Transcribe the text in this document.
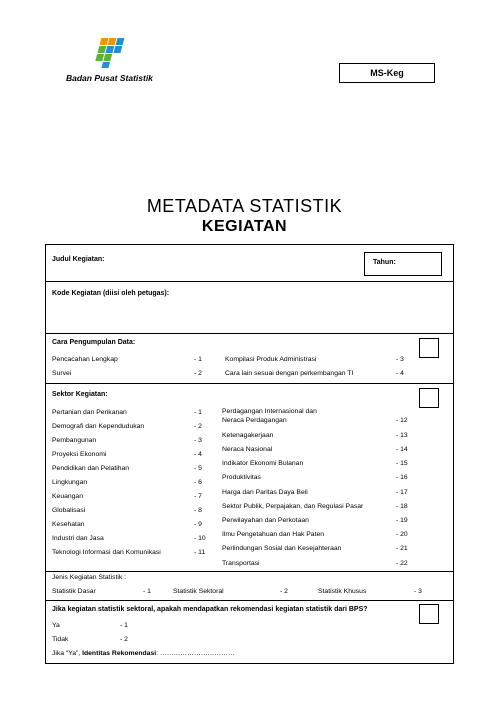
Badan Pusat Statistik	MS-Keg
METADATA STATISTIK
KEGIATAN
Judul Kegiatan:	Tahun:
Kode Kegiatan (diisi oleh petugas):
Cara Pengumpulan Data:
Pencacahan Lengkap	- 1
Survei	- 2
Kompilasi Produk Administrasi	- 3
Cara lain sesuai dengan perkembangan TI	- 4
Sektor Kegiatan:
Pertanian dan Perikanan	- 1
Demografi dan Kependudukan	- 2
Pembangunan	- 3
Proyeksi Ekonomi	- 4
Pendidikan dan Pelatihan	- 5
Lingkungan	- 6
Keuangan	- 7
Globalisasi	- 8
Kesehatan	- 9
Industri dan Jasa	- 10
Teknologi Informasi dan Komunikasi	- 11
Perdagangan Internasional dan
Neraca Perdagangan	- 12
Ketenagakerjaan	- 13
Neraca Nasional	- 14
Indikator Ekonomi Bulanan	- 15
Produktivitas	- 16
Harga dan Paritas Daya Beli	- 17
Sektor Publik, Perpajakan, dan Regulasi Pasar	- 18
Perwilayahan dan Perkotaan	- 19
Ilmu Pengetahuan dan Hak Paten	- 20
Perlindungan Sosial dan Kesejahteraan	- 21
Transportasi	- 22
Jenis Kegiatan Statistik :
Statistik Dasar	- 1	Statistik Sektoral	- 2	Statistik Khusus	- 3
Jika kegiatan statistik sektoral, apakah mendapatkan rekomendasi kegiatan statistik dari BPS?
Ya	- 1
Tidak	- 2
Jika “Ya”, Identitas Rekomendasi: ……………………………
